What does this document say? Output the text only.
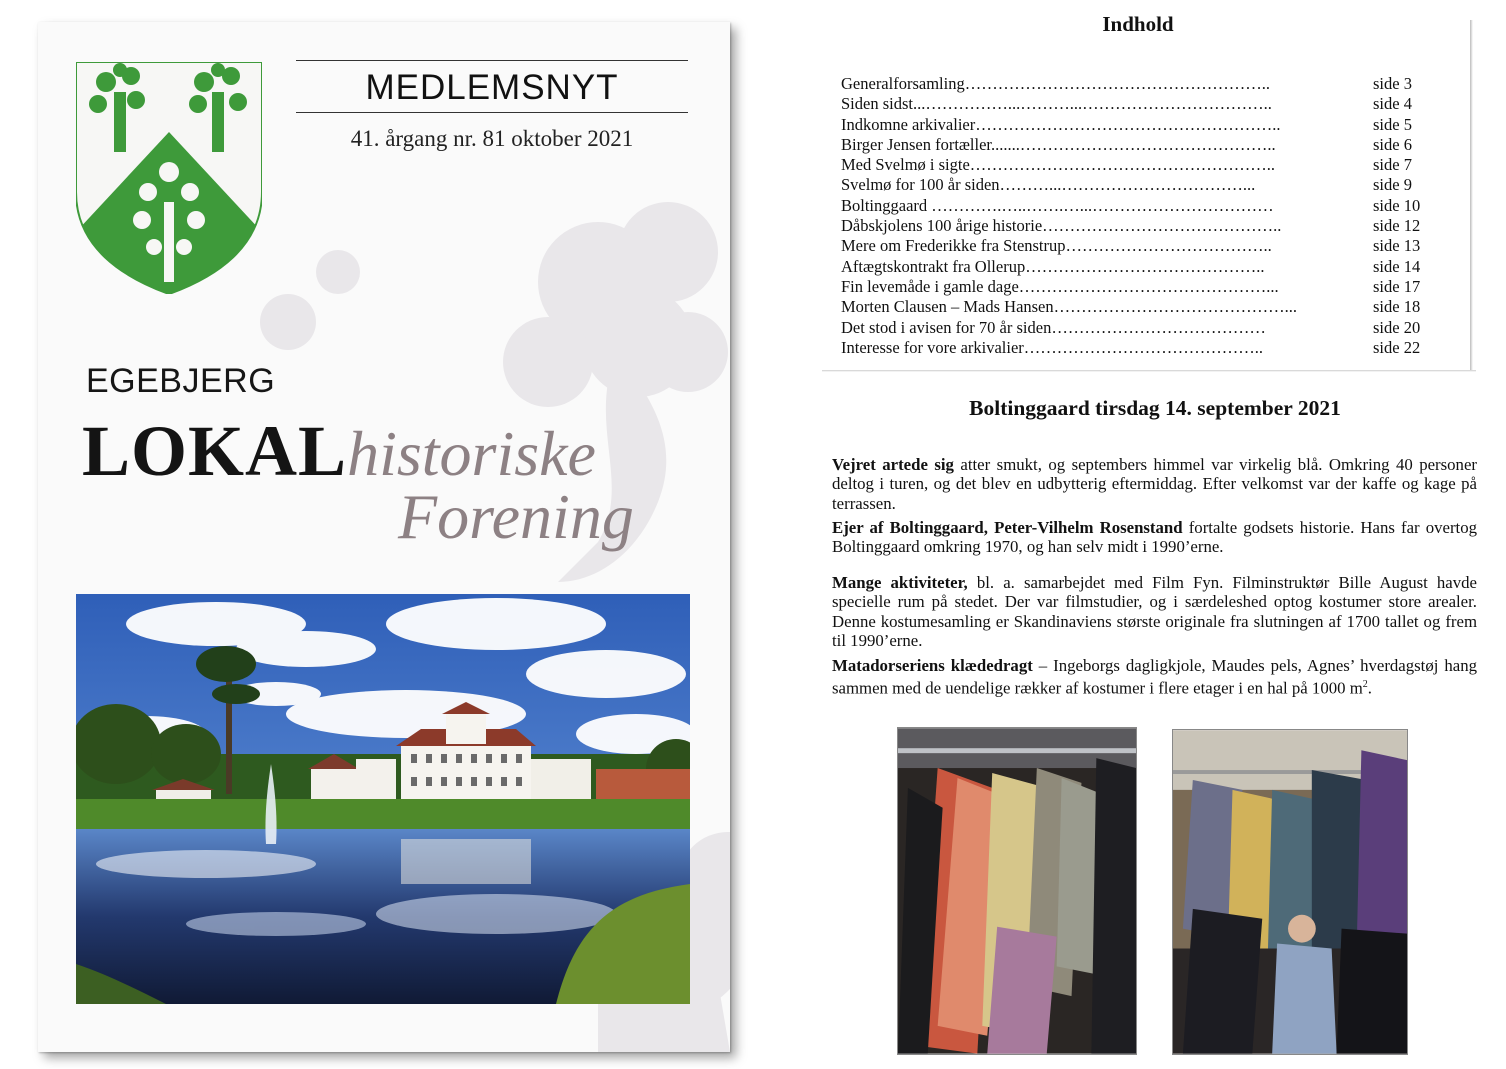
MEDLEMSNYT
41. årgang nr. 81 oktober 2021
EGEBJERG
LOKALhistoriske
Forening
Indhold
Generalforsamling………………………………………………..	side 3
Siden sidst...……………...………...……………………………..	side 4
Indkomne arkivalier………………………………………………..	side 5
Birger Jensen fortæller.......………………………………………..	side 6
Med Svelmø i sigte………………………………………………..	side 7
Svelmø for 100 år siden………...……………………………...	side 9
Boltinggaard ………….…..…….…...……………………………	side 10
Dåbskjolens 100 årige historie……………………………………..	side 12
Mere om Frederikke fra Stenstrup………………………………..	side 13
Aftægtskontrakt fra Ollerup……………………………………..	side 14
Fin levemåde i gamle dage………………………………………...	side 17
Morten Clausen – Mads Hansen……………………………………...	side 18
Det stod i avisen for 70 år siden…………………………………	side 20
Interesse for vore arkivalier……………………………………..	side 22
Boltinggaard tirsdag 14. september 2021

Vejret artede sig atter smukt, og septembers himmel var virkelig blå. Omkring 40 personer deltog i turen, og det blev en udbytterig eftermiddag. Efter velkomst var der kaffe og kage på terrassen.

Ejer af Boltinggaard, Peter-Vilhelm Rosenstand fortalte godsets historie. Hans far overtog Boltinggaard omkring 1970, og han selv midt i 1990’erne.

Mange aktiviteter, bl. a. samarbejdet med Film Fyn. Filminstruktør Bille August havde specielle rum på stedet. Der var filmstudier, og i særdeleshed optog kostumer store arealer. Denne kostumesamling er Skandinaviens største originale fra slutningen af 1700 tallet og frem til 1990’erne.

Matadorseriens klædedragt – Ingeborgs dagligkjole, Maudes pels, Agnes’ hverdagstøj hang sammen med de uendelige rækker af kostumer i flere etager i en hal på 1000 $m^2$.
